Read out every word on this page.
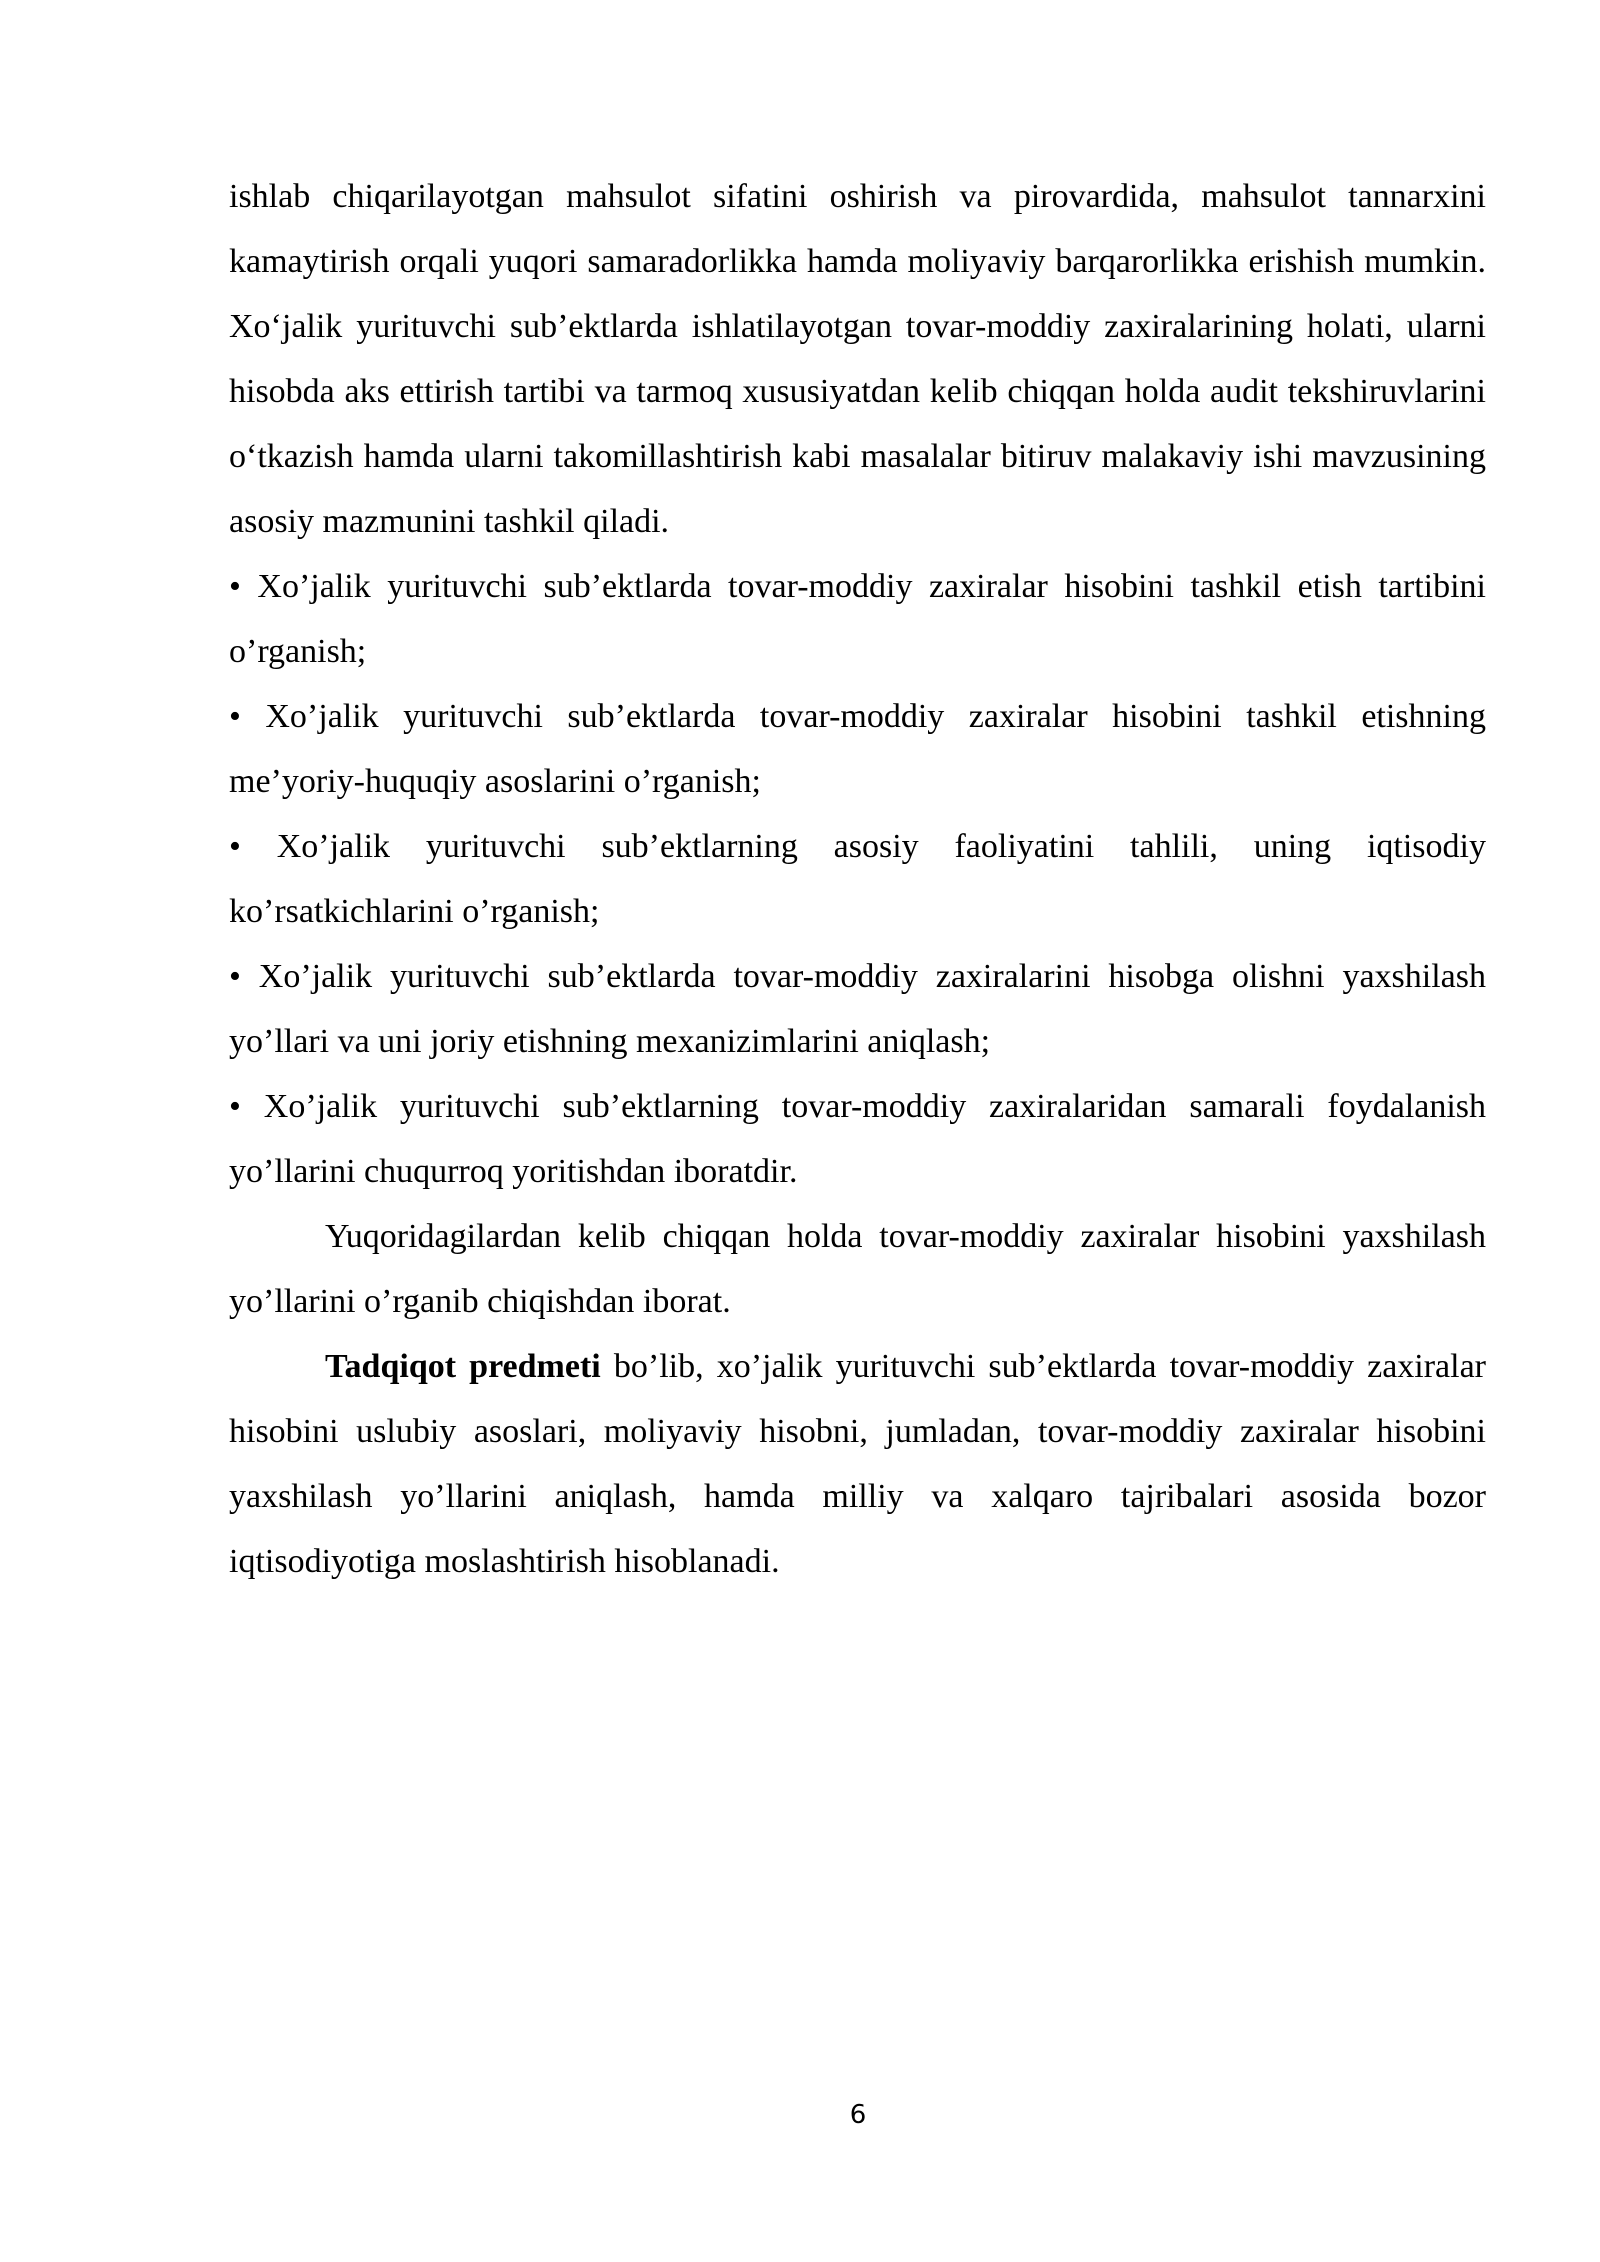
ishlab chiqarilayotgan mahsulot sifatini oshirish va pirovardida, mahsulot tannarxini kamaytirish orqali yuqori samaradorlikka hamda moliyaviy barqarorlikka erishish mumkin. Xo‘jalik yurituvchi sub’ektlarda ishlatilayotgan tovar-moddiy zaxiralarining holati, ularni hisobda aks ettirish tartibi va tarmoq xususiyatdan kelib chiqqan holda audit tekshiruvlarini o‘tkazish hamda ularni takomillashtirish kabi masalalar bitiruv malakaviy ishi mavzusining asosiy mazmunini tashkil qiladi.

• Xo’jalik yurituvchi sub’ektlarda tovar-moddiy zaxiralar hisobini tashkil etish tartibini o’rganish;

• Xo’jalik yurituvchi sub’ektlarda tovar-moddiy zaxiralar hisobini tashkil etishning me’yoriy-huquqiy asoslarini o’rganish;

• Xo’jalik yurituvchi sub’ektlarning asosiy faoliyatini tahlili, uning iqtisodiy ko’rsatkichlarini o’rganish;

• Xo’jalik yurituvchi sub’ektlarda tovar-moddiy zaxiralarini hisobga olishni yaxshilash yo’llari va uni joriy etishning mexanizimlarini aniqlash;

• Xo’jalik yurituvchi sub’ektlarning tovar-moddiy zaxiralaridan samarali foydalanish yo’llarini chuqurroq yoritishdan iboratdir.

Yuqoridagilardan kelib chiqqan holda tovar-moddiy zaxiralar hisobini yaxshilash yo’llarini o’rganib chiqishdan iborat.

Tadqiqot predmeti bo’lib, xo’jalik yurituvchi sub’ektlarda tovar-moddiy zaxiralar hisobini uslubiy asoslari, moliyaviy hisobni, jumladan, tovar-moddiy zaxiralar hisobini yaxshilash yo’llarini aniqlash, hamda milliy va xalqaro tajribalari asosida bozor iqtisodiyotiga moslashtirish hisoblanadi.

6
